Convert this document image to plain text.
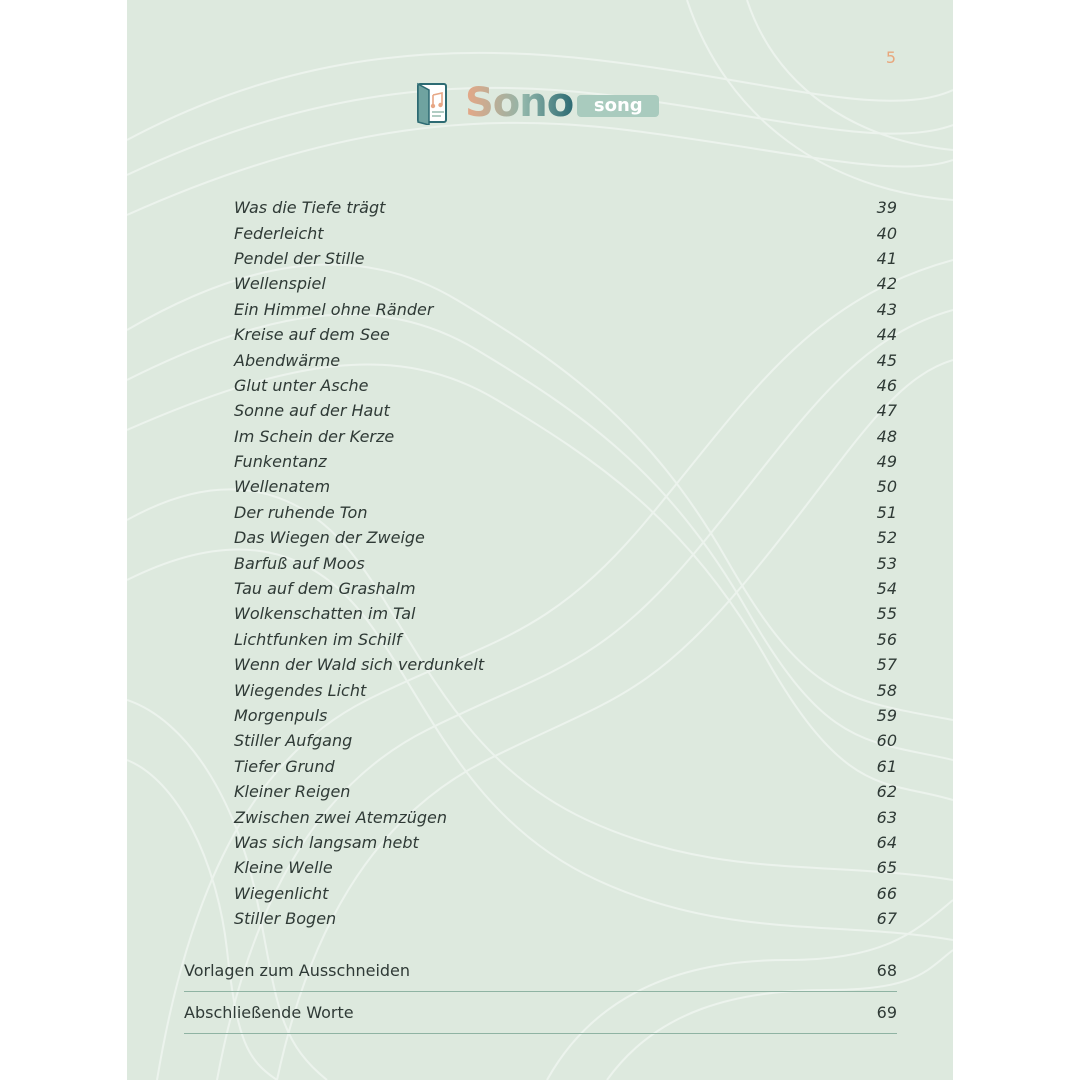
5
Sono	song
Was die Tiefe trägt	39
Federleicht	40
Pendel der Stille	41
Wellenspiel	42
Ein Himmel ohne Ränder	43
Kreise auf dem See	44
Abendwärme	45
Glut unter Asche	46
Sonne auf der Haut	47
Im Schein der Kerze	48
Funkentanz	49
Wellenatem	50
Der ruhende Ton	51
Das Wiegen der Zweige	52
Barfuß auf Moos	53
Tau auf dem Grashalm	54
Wolkenschatten im Tal	55
Lichtfunken im Schilf	56
Wenn der Wald sich verdunkelt	57
Wiegendes Licht	58
Morgenpuls	59
Stiller Aufgang	60
Tiefer Grund	61
Kleiner Reigen	62
Zwischen zwei Atemzügen	63
Was sich langsam hebt	64
Kleine Welle	65
Wiegenlicht	66
Stiller Bogen	67
Vorlagen zum Ausschneiden	68
Abschließende Worte	69
